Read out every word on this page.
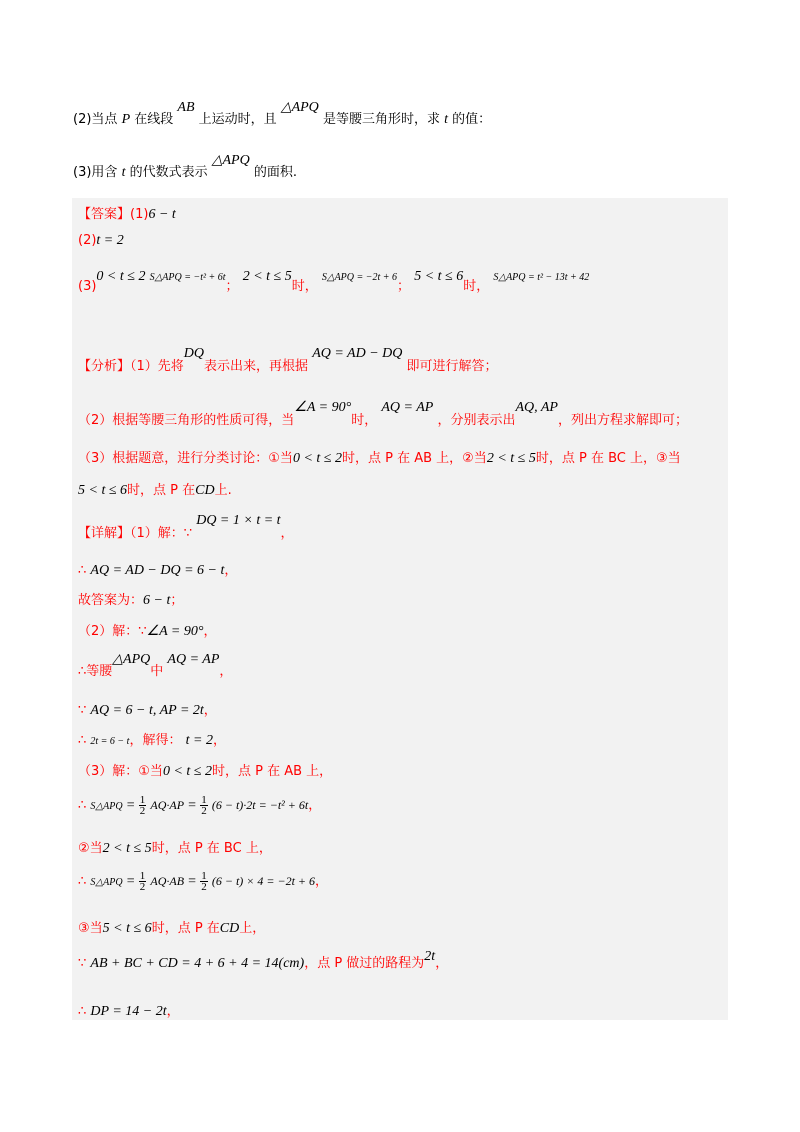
(2)当点 P 在线段 AB 上运动时，且 △APQ 是等腰三角形时，求 t 的值：
(3)用含 t 的代数式表示 △APQ 的面积.
【答案】(1)6 − t
(2)t = 2
(3)0 < t ≤ 2 S△APQ = −t² + 6t； 2 < t ≤ 5时， S△APQ = −2t + 6； 5 < t ≤ 6时， S△APQ = t² − 13t + 42
【分析】（1）先将DQ表示出来，再根据 AQ = AD − DQ 即可进行解答；
（2）根据等腰三角形的性质可得，当∠A = 90°时， AQ = AP ，分别表示出AQ, AP，列出方程求解即可；
（3）根据题意，进行分类讨论：①当0 < t ≤ 2时，点 P 在 AB 上，②当2 < t ≤ 5时，点 P 在 BC 上，③当
5 < t ≤ 6时，点 P 在CD上.
【详解】（1）解：∵ DQ = 1 × t = t，
∴ AQ = AD − DQ = 6 − t，
故答案为：6 − t；
（2）解：∵∠A = 90°，
∴等腰△APQ中 AQ = AP，
∵ AQ = 6 − t, AP = 2t，
∴ 2t = 6 − t，解得： t = 2，
（3）解：①当0 < t ≤ 2时，点 P 在 AB 上，
∴ S△APQ = $\frac{1}{2} AQ\cdot AP = \frac{1}{2} (6 - t)\cdot 2t = -t^2 + 6t$，
②当2 < t ≤ 5时，点 P 在 BC 上，
∴ S△APQ = $\frac{1}{2} AQ\cdot AB = \frac{1}{2} (6 - t) \times 4 = -2t + 6$，
③当5 < t ≤ 6时，点 P 在CD上，
∵ AB + BC + CD = 4 + 6 + 4 = 14(cm)，点 P 做过的路程为2t，
∴ DP = 14 − 2t，
